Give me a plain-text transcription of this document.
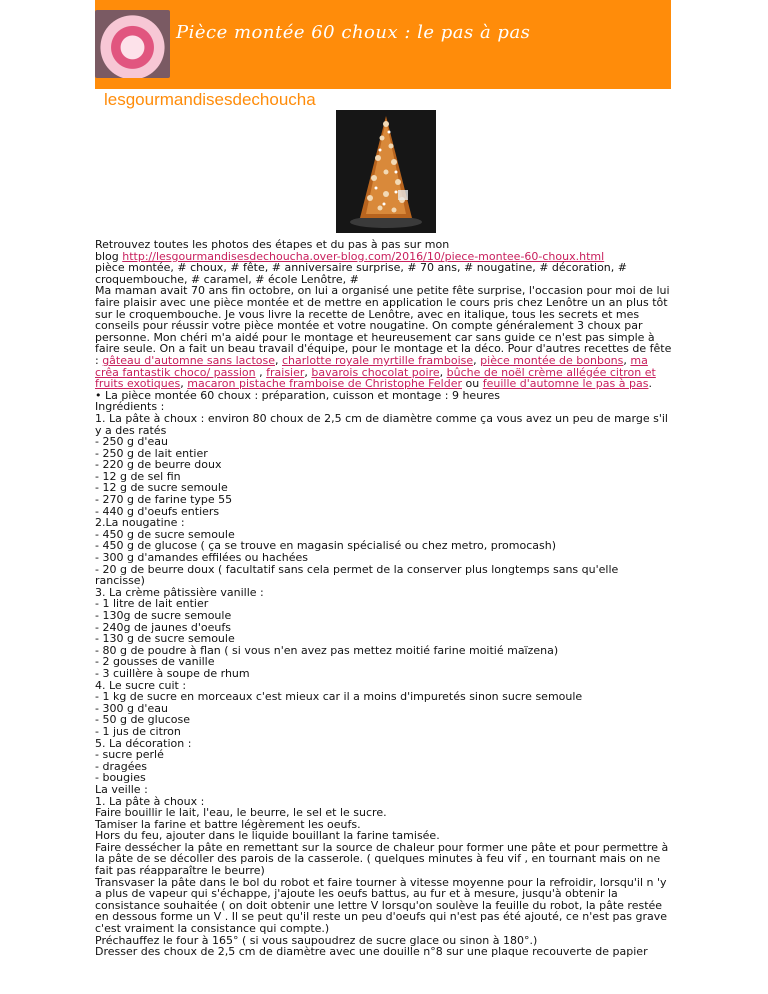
Pièce montée 60 choux : le pas à pas
lesgourmandisesdechoucha

Retrouvez toutes les photos des étapes et du pas à pas sur mon

blog http://lesgourmandisesdechoucha.over-blog.com/2016/10/piece-montee-60-choux.html

pièce montée, # choux, # fête, # anniversaire surprise, # 70 ans, # nougatine, # décoration, #

croquembouche, # caramel, # école Lenôtre, #

Ma maman avait 70 ans fin octobre, on lui a organisé une petite fête surprise, l'occasion pour moi de lui

faire plaisir avec une pièce montée et de mettre en application le cours pris chez Lenôtre un an plus tôt

sur le croquembouche. Je vous livre la recette de Lenôtre, avec en italique, tous les secrets et mes

conseils pour réussir votre pièce montée et votre nougatine. On compte généralement 3 choux par

personne. Mon chéri m'a aidé pour le montage et heureusement car sans guide ce n'est pas simple à

faire seule. On a fait un beau travail d'équipe, pour le montage et la déco. Pour d'autres recettes de fête

: gâteau d'automne sans lactose, charlotte royale myrtille framboise, pièce montée de bonbons, ma

crêa fantastik choco/ passion , fraisier, bavarois chocolat poire, bûche de noël crème allégée citron et

fruits exotiques, macaron pistache framboise de Christophe Felder ou feuille d'automne le pas à pas.

• La pièce montée 60 choux : préparation, cuisson et montage : 9 heures

Ingrédients :

1. La pâte à choux : environ 80 choux de 2,5 cm de diamètre comme ça vous avez un peu de marge s'il

y a des ratés

- 250 g d'eau

- 250 g de lait entier

- 220 g de beurre doux

- 12 g de sel fin

- 12 g de sucre semoule

- 270 g de farine type 55

- 440 g d'oeufs entiers

2.La nougatine :

- 450 g de sucre semoule

- 450 g de glucose ( ça se trouve en magasin spécialisé ou chez metro, promocash)

- 300 g d'amandes effilées ou hachées

- 20 g de beurre doux ( facultatif sans cela permet de la conserver plus longtemps sans qu'elle

rancisse)

3. La crème pâtissière vanille :

- 1 litre de lait entier

- 130g de sucre semoule

- 240g de jaunes d'oeufs

- 130 g de sucre semoule

- 80 g de poudre à flan ( si vous n'en avez pas mettez moitié farine moitié maïzena)

- 2 gousses de vanille

- 3 cuillère à soupe de rhum

4. Le sucre cuit :

- 1 kg de sucre en morceaux c'est mieux car il a moins d'impuretés sinon sucre semoule

- 300 g d'eau

- 50 g de glucose

- 1 jus de citron

5. La décoration :

- sucre perlé

- dragées

- bougies

La veille :

1. La pâte à choux :

Faire bouillir le lait, l'eau, le beurre, le sel et le sucre.

Tamiser la farine et battre légèrement les oeufs.

Hors du feu, ajouter dans le liquide bouillant la farine tamisée.

Faire dessécher la pâte en remettant sur la source de chaleur pour former une pâte et pour permettre à

la pâte de se décoller des parois de la casserole. ( quelques minutes à feu vif , en tournant mais on ne

fait pas réapparaître le beurre)

Transvaser la pâte dans le bol du robot et faire tourner à vitesse moyenne pour la refroidir, lorsqu'il n 'y

a plus de vapeur qui s'échappe, j'ajoute les oeufs battus, au fur et à mesure, jusqu'à obtenir la

consistance souhaitée ( on doit obtenir une lettre V lorsqu'on soulève la feuille du robot, la pâte restée

en dessous forme un V . Il se peut qu'il reste un peu d'oeufs qui n'est pas été ajouté, ce n'est pas grave

c'est vraiment la consistance qui compte.)

Préchauffez le four à 165° ( si vous saupoudrez de sucre glace ou sinon à 180°.)

Dresser des choux de 2,5 cm de diamètre avec une douille n°8 sur une plaque recouverte de papier
